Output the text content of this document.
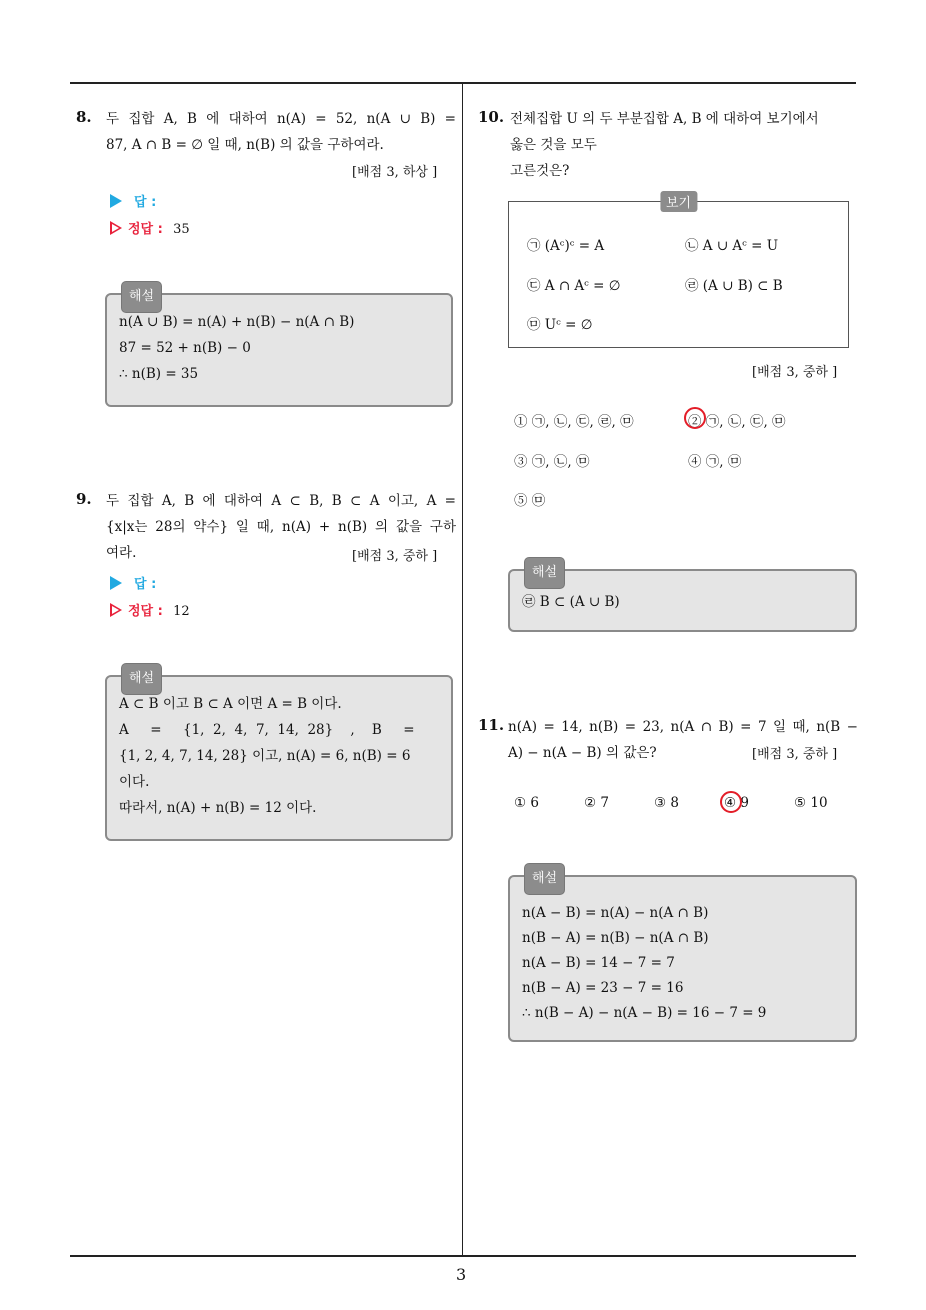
3
8. 두 집합 A, B 에 대하여 n(A) = 52, n(A ∪ B) =
87, A ∩ B = ∅ 일 때, n(B) 의 값을 구하여라.
[배점 3, 하상 ]
답 :
정답 : 35
해설
n(A ∪ B) = n(A) + n(B) − n(A ∩ B)
87 = 52 + n(B) − 0
∴ n(B) = 35
9. 두 집합 A, B 에 대하여 A ⊂ B, B ⊂ A 이고, A =
{x|x는 28의 약수} 일 때, n(A) + n(B) 의 값을 구하
여라.	[배점 3, 중하 ]
답 :
정답 : 12
해설
A ⊂ B 이고 B ⊂ A 이면 A = B 이다.
A     =     {1,  2,  4,  7,  14,  28}    ,    B     =
{1, 2, 4, 7, 14, 28} 이고, n(A) = 6, n(B) = 6
이다.
따라서, n(A) + n(B) = 12 이다.
10. 전체집합 U 의 두 부분집합 A, B 에 대하여 보기에서
옳은 것을 모두
고른것은?
보기
㉠ (Aᶜ)ᶜ = A	㉡ A ∪ Aᶜ = U
㉢ A ∩ Aᶜ = ∅	㉣ (A ∪ B) ⊂ B
㉤ Uᶜ = ∅
[배점 3, 중하 ]
① ㉠, ㉡, ㉢, ㉣, ㉤	② ㉠, ㉡, ㉢, ㉤
③ ㉠, ㉡, ㉤	④ ㉠, ㉤
⑤ ㉤
해설
㉣ B ⊂ (A ∪ B)
11. n(A) = 14, n(B) = 23, n(A ∩ B) = 7 일 때, n(B −
A) − n(A − B) 의 값은?	[배점 3, 중하 ]
① 6	② 7	③ 8	④ 9	⑤ 10
해설
n(A − B) = n(A) − n(A ∩ B)
n(B − A) = n(B) − n(A ∩ B)
n(A − B) = 14 − 7 = 7
n(B − A) = 23 − 7 = 16
∴ n(B − A) − n(A − B) = 16 − 7 = 9
